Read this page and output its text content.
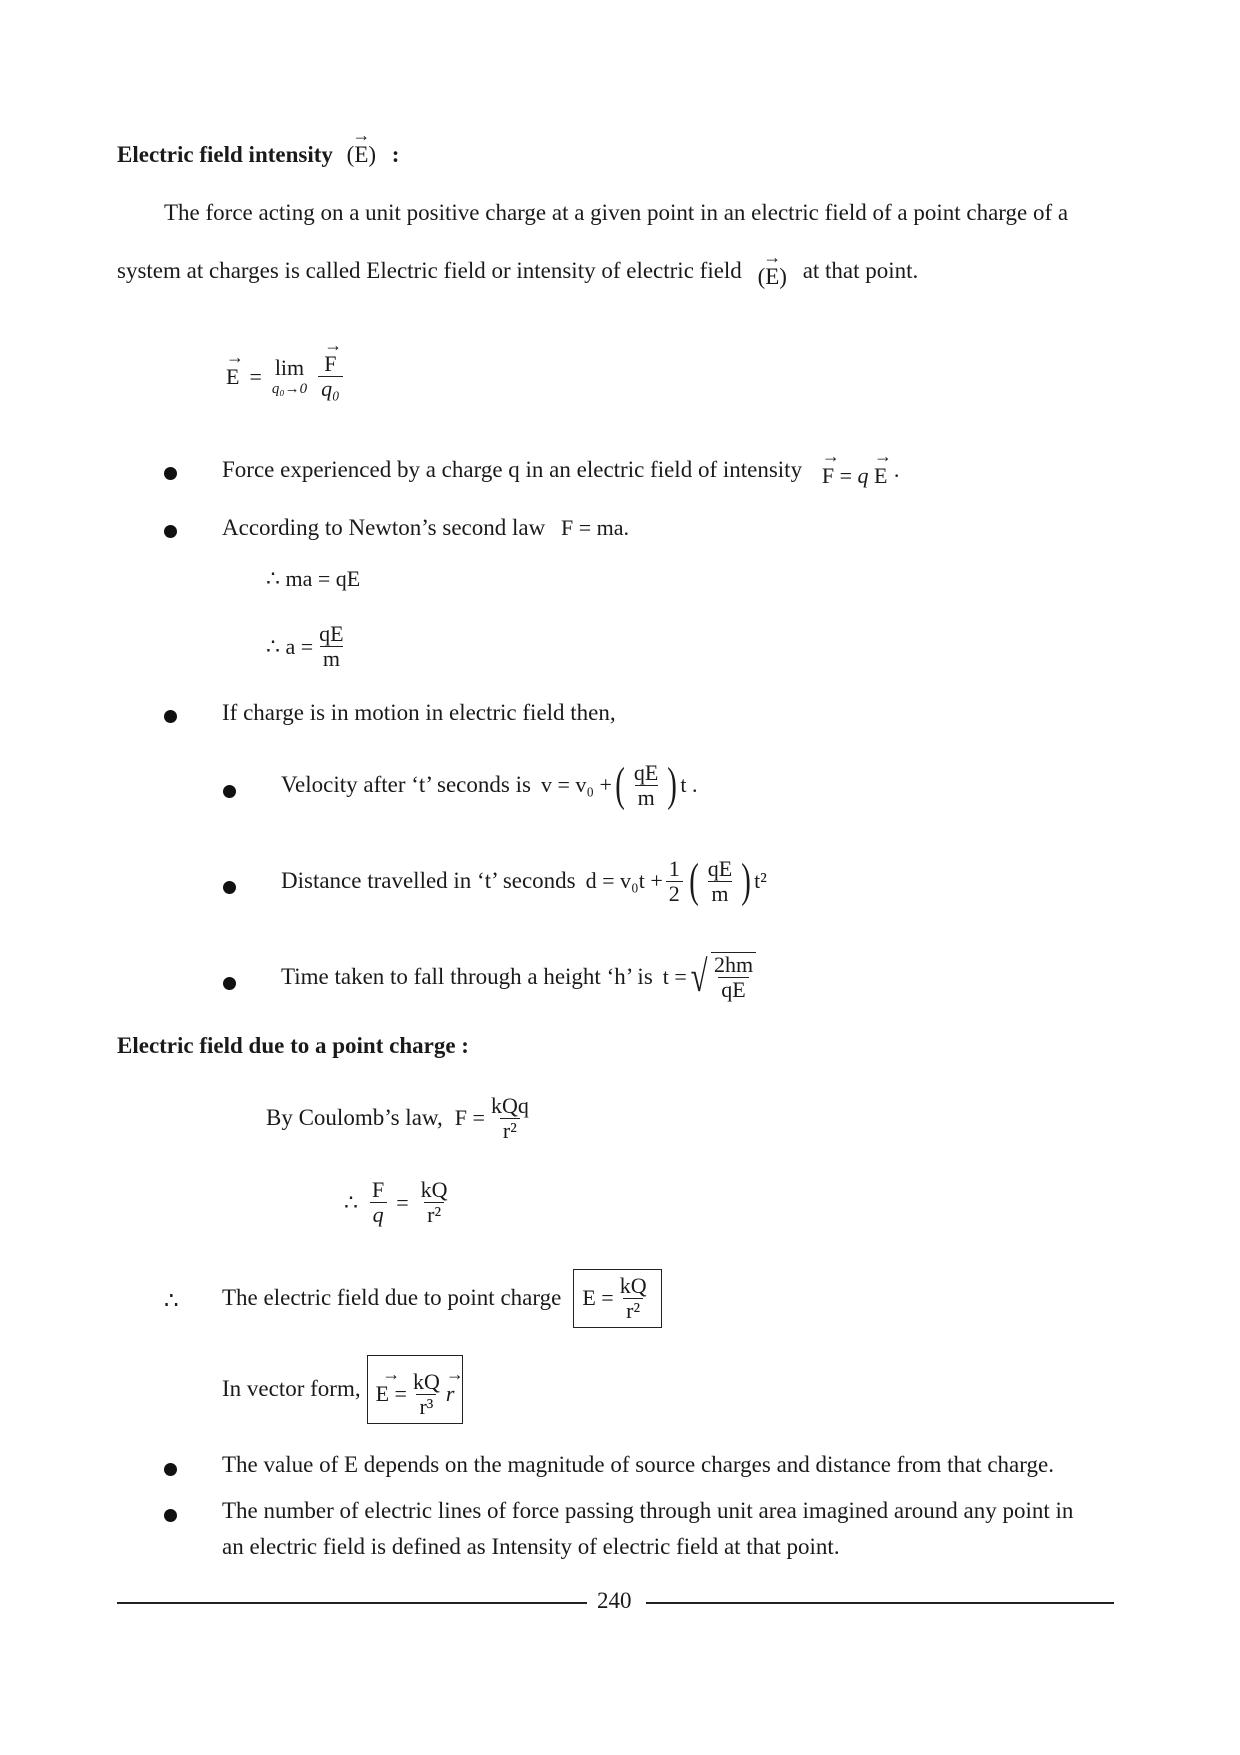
Electric field intensity
→
(E) :
The force acting on a unit positive charge at a given point in an electric field of a point charge of a
system at charges is called Electric field or intensity of electric field
→
(E) at that point.
→
E = lim
q₀→0 →
F
q₀
Force experienced by a charge q in an electric field of intensity
→
F = q
→
E ·
According to Newton’s second law F = ma.
∴ ma = qE
∴ $a = \frac{qE}{m}$
If charge is in motion in electric field then,
Velocity after ‘t’ seconds is v = v₀ + ( $\frac{qE}{m}$ ) t .
Distance travelled in ‘t’ seconds $d = v_0t + \frac{1}{2}$ ( $\frac{qE}{m}$ ) t²
Time taken to fall through a height ‘h’ is t = √ $\frac{2hm}{qE}$
Electric field due to a point charge :
By Coulomb’s law, $F = \frac{\text{kQq}}{\text{r²}}$
∴ $\frac{F}{q} = \frac{kQ}{\text{r²}}$
∴ The electric field due to point charge $E = \frac{kQ}{\text{r²}}$
In vector form,
→
$E = \frac{kQ}{\text{r³}}$ →
r
The value of E depends on the magnitude of source charges and distance from that charge.
The number of electric lines of force passing through unit area imagined around any point in
an electric field is defined as Intensity of electric field at that point.
240
